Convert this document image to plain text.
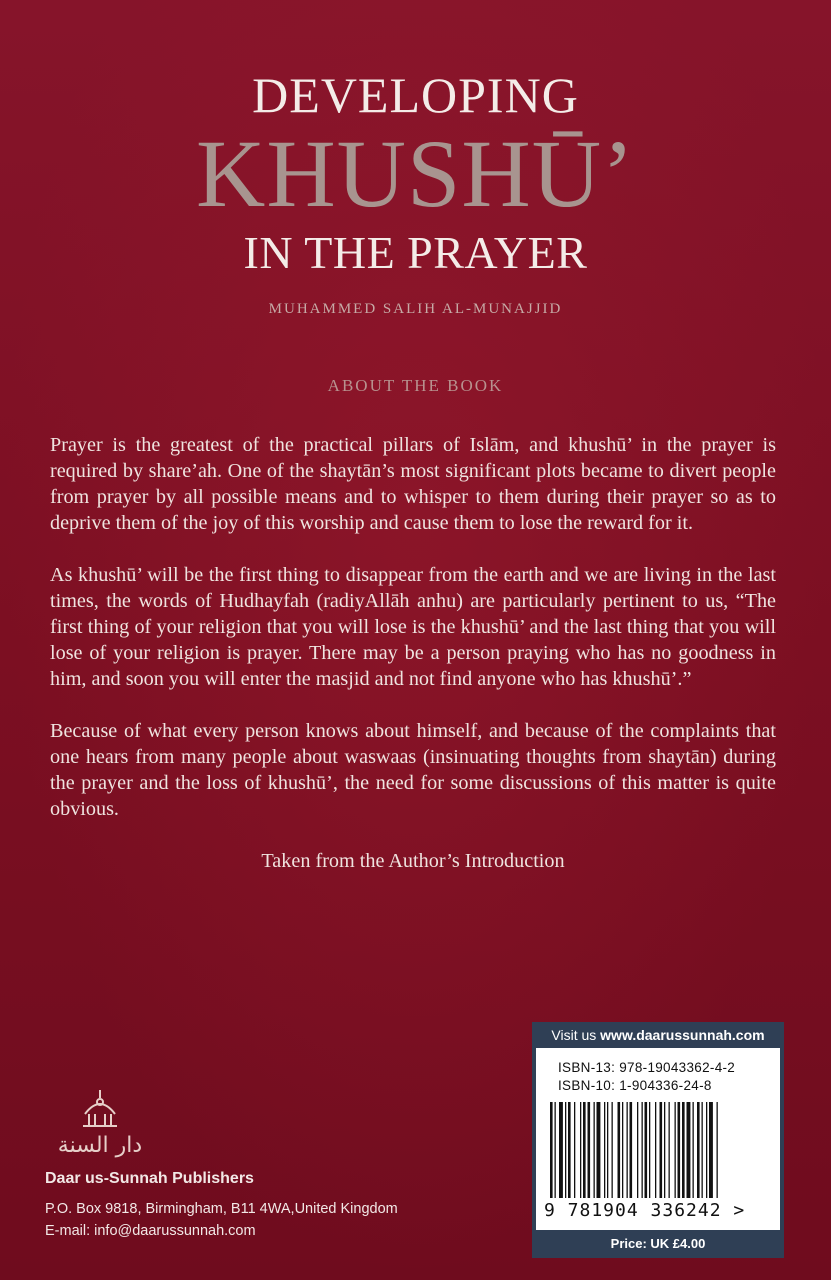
DEVELOPING
KHUSHŪ’
IN THE PRAYER
MUHAMMED SALIH AL-MUNAJJID
ABOUT THE BOOK

Prayer is the greatest of the practical pillars of Islām, and khushū’ in the prayer is required by share’ah. One of the shaytān’s most significant plots became to divert people from prayer by all possible means and to whisper to them during their prayer so as to deprive them of the joy of this worship and cause them to lose the reward for it.

As khushū’ will be the first thing to disappear from the earth and we are living in the last times, the words of Hudhayfah (radiyAllāh anhu) are particularly pertinent to us, “The first thing of your religion that you will lose is the khushū’ and the last thing that you will lose of your religion is prayer. There may be a person praying who has no goodness in him, and soon you will enter the masjid and not find anyone who has khushū’.”

Because of what every person knows about himself, and because of the complaints that one hears from many people about waswaas (insinuating thoughts from shaytān) during the prayer and the loss of khushū’, the need for some discussions of this matter is quite obvious.

Taken from the Author’s Introduction

دار السنة
Daar us-Sunnah Publishers
P.O. Box 9818, Birmingham, B11 4WA,United Kingdom
E-mail: info@daarussunnah.com
Visit us www.daarussunnah.com
ISBN-13: 978-19043362-4-2
ISBN-10: 1-904336-24-8
9 781904 336242 >
Price: UK £4.00
